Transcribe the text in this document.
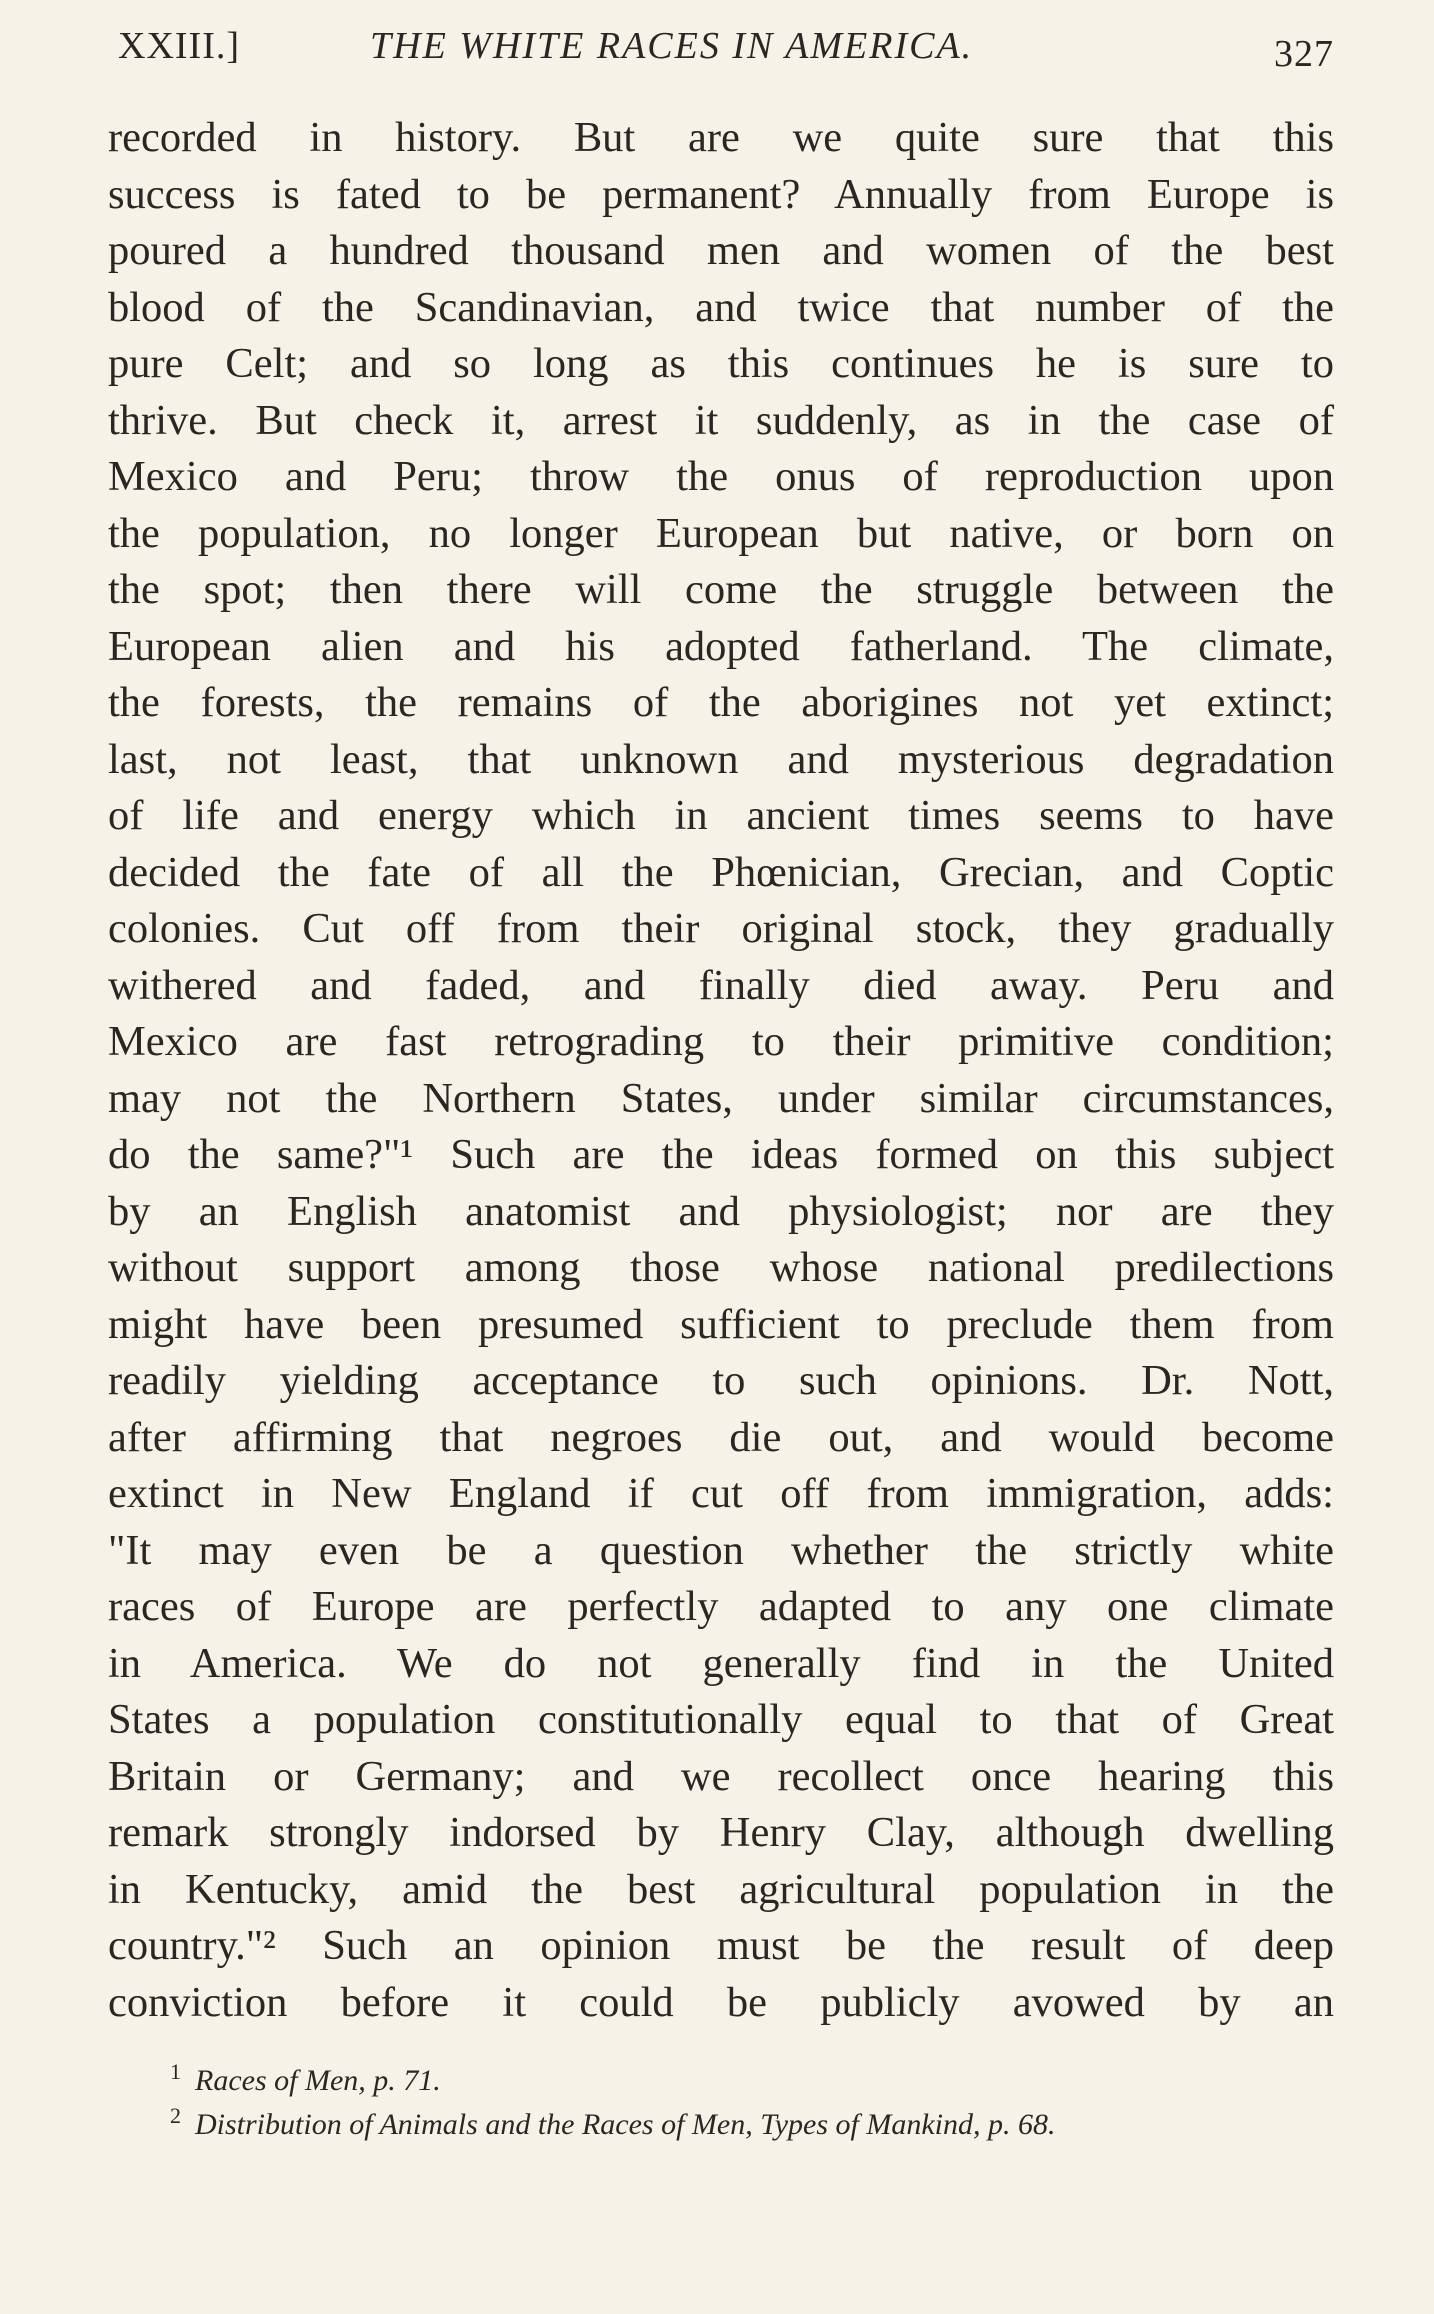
XXIII.]	THE WHITE RACES IN AMERICA.	327
recorded in history. But are we quite sure that this
success is fated to be permanent? Annually from Europe is
poured a hundred thousand men and women of the best
blood of the Scandinavian, and twice that number of the
pure Celt; and so long as this continues he is sure to
thrive. But check it, arrest it suddenly, as in the case of
Mexico and Peru; throw the onus of reproduction upon
the population, no longer European but native, or born on
the spot; then there will come the struggle between the
European alien and his adopted fatherland. The climate,
the forests, the remains of the aborigines not yet extinct;
last, not least, that unknown and mysterious degradation
of life and energy which in ancient times seems to have
decided the fate of all the Phœnician, Grecian, and Coptic
colonies. Cut off from their original stock, they gradually
withered and faded, and finally died away. Peru and
Mexico are fast retrograding to their primitive condition;
may not the Northern States, under similar circumstances,
do the same?"¹ Such are the ideas formed on this subject
by an English anatomist and physiologist; nor are they
without support among those whose national predilections
might have been presumed sufficient to preclude them from
readily yielding acceptance to such opinions. Dr. Nott,
after affirming that negroes die out, and would become
extinct in New England if cut off from immigration, adds:
"It may even be a question whether the strictly white
races of Europe are perfectly adapted to any one climate
in America. We do not generally find in the United
States a population constitutionally equal to that of Great
Britain or Germany; and we recollect once hearing this
remark strongly indorsed by Henry Clay, although dwelling
in Kentucky, amid the best agricultural population in the
country."² Such an opinion must be the result of deep
conviction before it could be publicly avowed by an
$^1$ Races of Men, p. 71.
$^2$ Distribution of Animals and the Races of Men, Types of Mankind, p. 68.
